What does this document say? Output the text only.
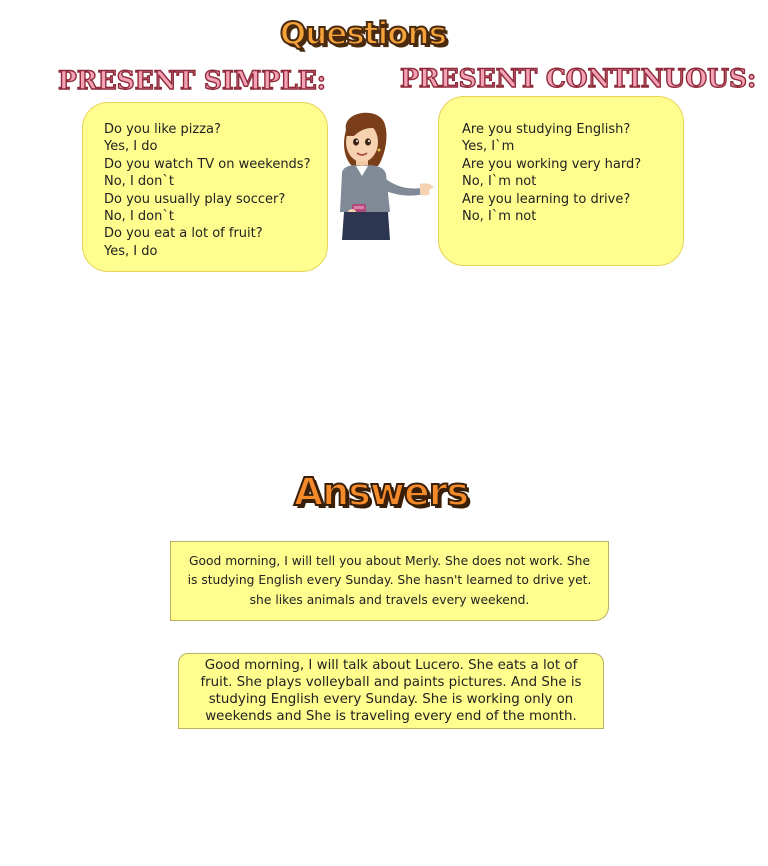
Questions
PRESENT SIMPLE:	PRESENT CONTINUOUS:
Do you like pizza?
Yes, I do
Do you watch TV on weekends?
No, I don`t
Do you usually play soccer?
No, I don`t
Do you eat a lot of fruit?
Yes, I do
Are you studying English?
Yes, I`m
Are you working very hard?
No, I`m not
Are you learning to drive?
No, I`m not
Answers

Good morning, I will tell you about Merly. She does not work. She is studying English every Sunday. She hasn't learned to drive yet. she likes animals and travels every weekend.

Good morning, I will talk about Lucero. She eats a lot of fruit. She plays volleyball and paints pictures. And She is studying English every Sunday. She is working only on weekends and She is traveling every end of the month.
